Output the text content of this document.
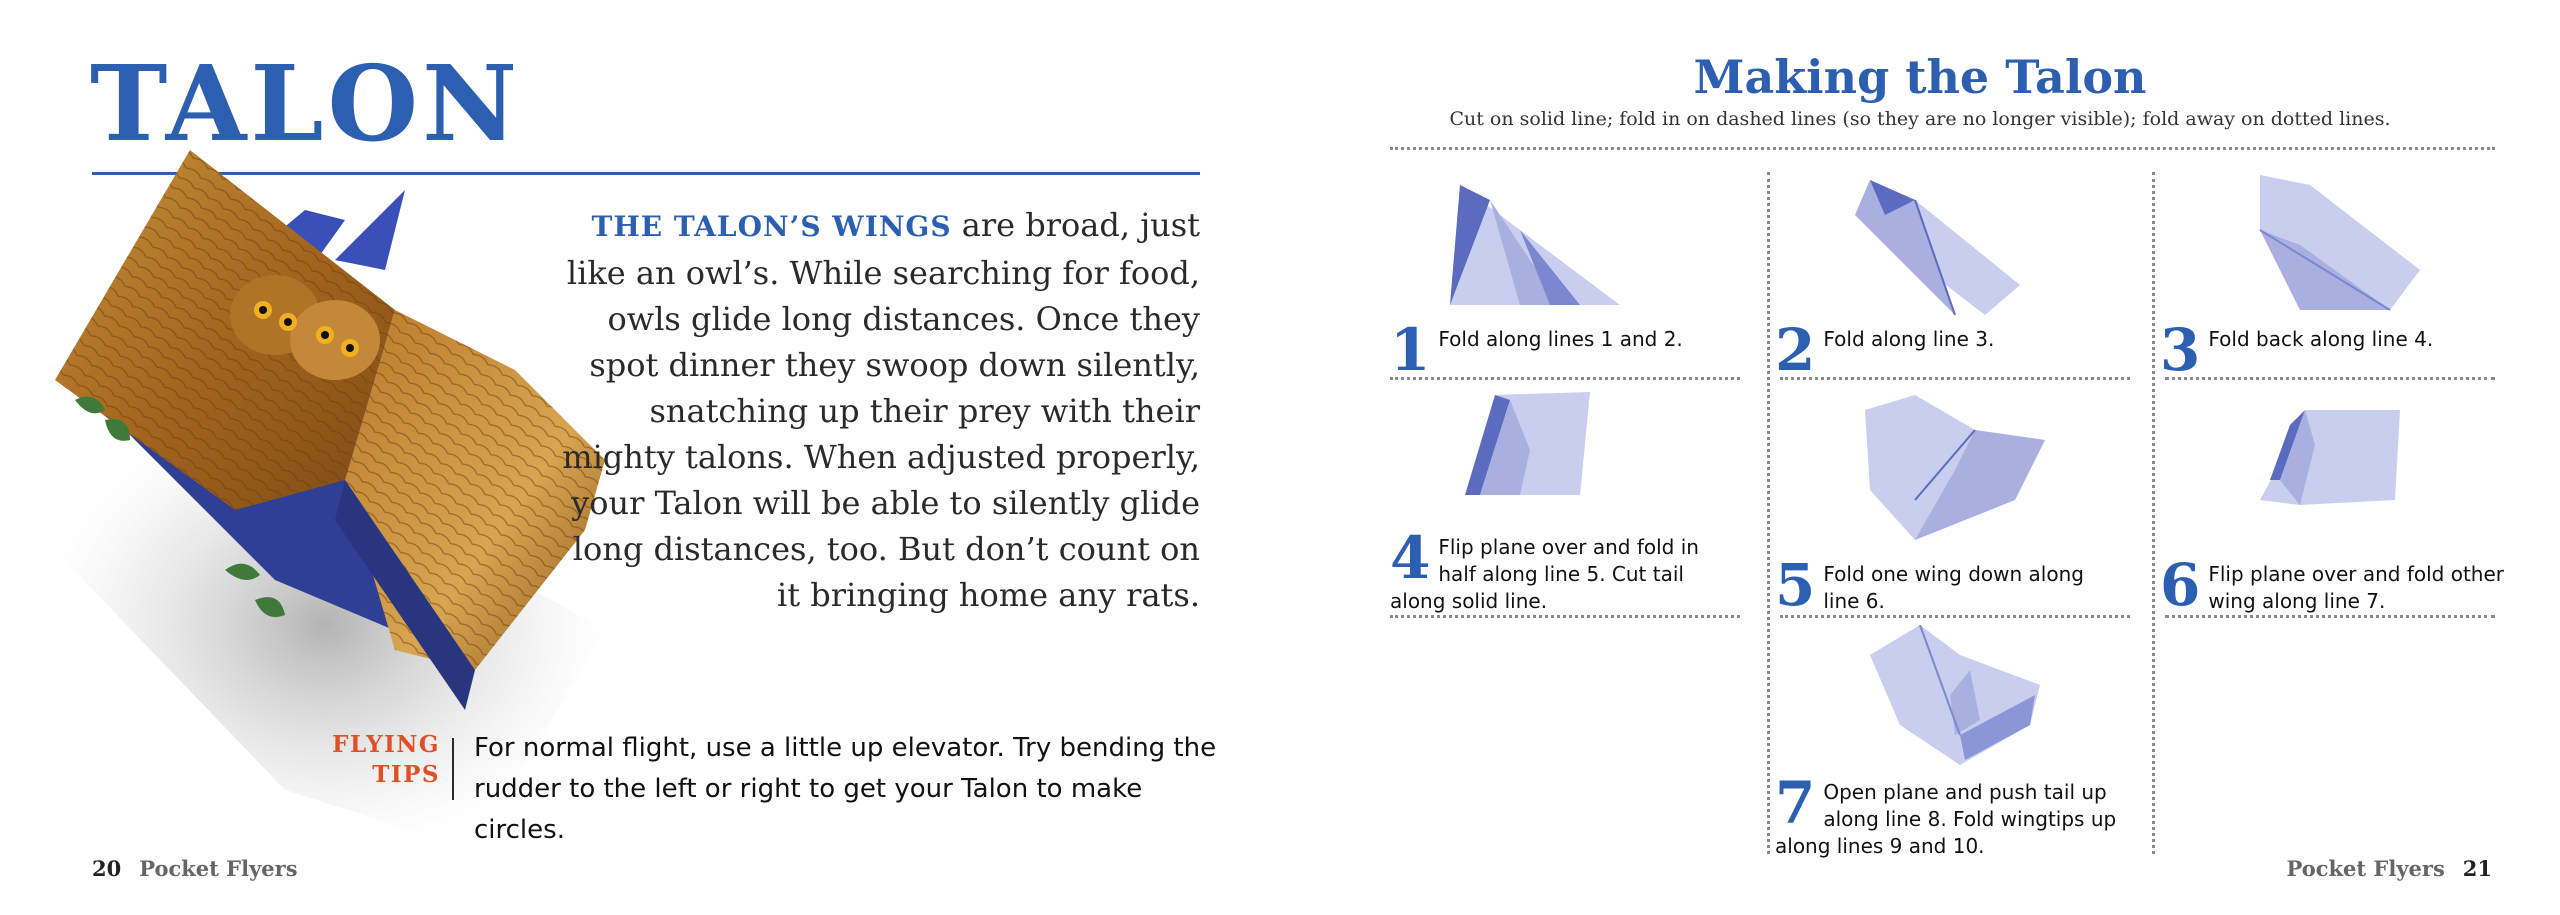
TALON
THE TALON’S WINGS are broad, just like an owl’s. While searching for food, owls glide long distances. Once they spot dinner they swoop down silently, snatching up their prey with their mighty talons. When adjusted properly, your Talon will be able to silently glide long distances, too. But don’t count on it bringing home any rats.
FLYING
TIPS
For normal flight, use a little up elevator. Try bending the rudder to the left or right to get your Talon to make circles.
20 Pocket Flyers
Making the Talon
Cut on solid line; fold in on dashed lines (so they are no longer visible); fold away on dotted lines.
1 Fold along lines 1 and 2.	2 Fold along line 3.	3 Fold back along line 4.
4 Flip plane over and fold in half along line 5. Cut tail along solid line.	5 Fold one wing down along line 6.	6 Flip plane over and fold other wing along line 7.
7 Open plane and push tail up along line 8. Fold wingtips up along lines 9 and 10.
Pocket Flyers 21
